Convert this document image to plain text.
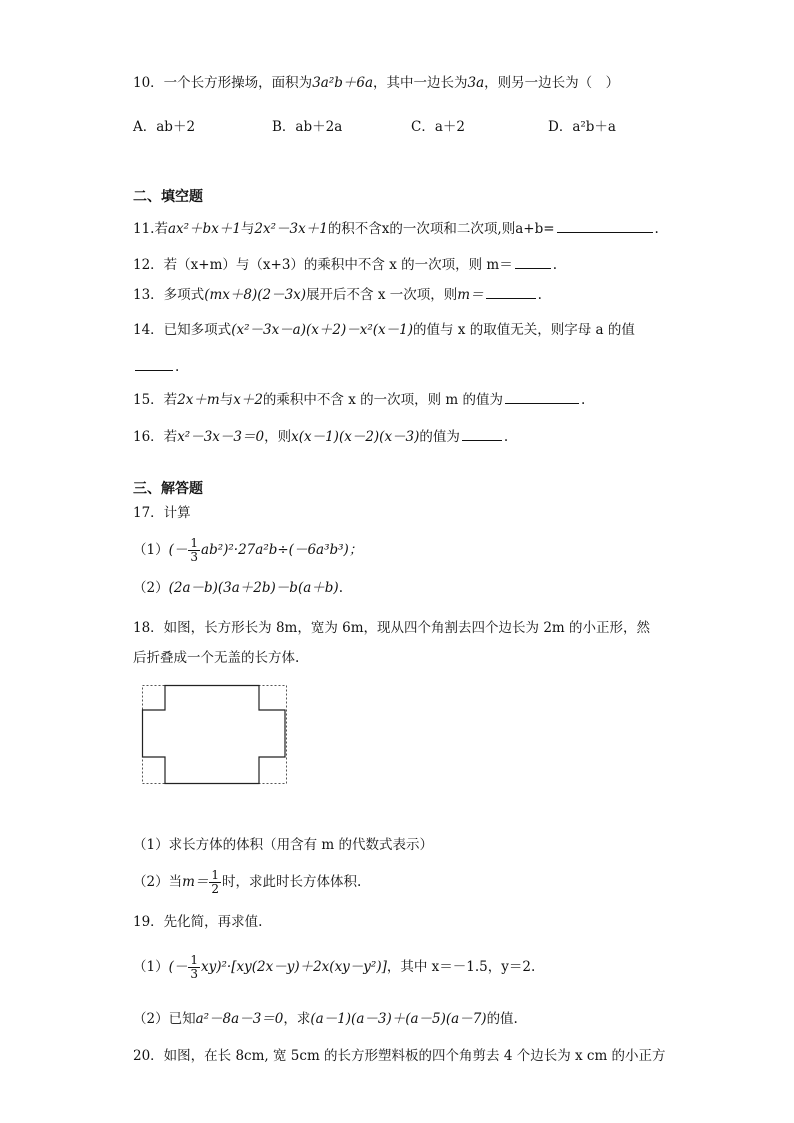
10．一个长方形操场，面积为3a²b＋6a，其中一边长为3a，则另一边长为（　）
A．ab＋2	B．ab＋2a	C．a＋2	D．a²b＋a
二、填空题
11.若ax²＋bx＋1与2x²－3x＋1的积不含x的一次项和二次项,则a+b=	.
12．若（x+m）与（x+3）的乘积中不含 x 的一次项，则 m＝	.
13．多项式(mx＋8)(2－3x)展开后不含 x 一次项，则m＝	.
14．已知多项式(x²－3x－a)(x＋2)－x²(x－1)的值与 x 的取值无关，则字母 a 的值
.
15．若2x＋m与x＋2的乘积中不含 x 的一次项，则 m 的值为	.
16．若x²－3x－3＝0，则x(x－1)(x－2)(x－3)的值为	.
三、解答题
17．计算
$(1)(- \frac{1}{3} ab^2)^2\cdot 27a^2b\div(-6a^3b^3)$；
（2）(2a－b)(3a＋2b)－b(a＋b).
18．如图，长方形长为 8m，宽为 6m，现从四个角割去四个边长为 2m 的小正形，然
后折叠成一个无盖的长方体.
（1）求长方体的体积（用含有 m 的代数式表示）
（2）当$m= \frac{1}{2}$ 时，求此时长方体体积.
19．先化简，再求值.
$(1)(- \frac{1}{3} xy)^2\cdot[xy(2x-y)+2x(xy-y^2)]$，其中 x＝－1.5，y＝2.
（2）已知a²－8a－3＝0，求(a－1)(a－3)＋(a－5)(a－7)的值.
20．如图，在长 8cm, 宽 5cm 的长方形塑料板的四个角剪去 4 个边长为 x cm 的小正方
